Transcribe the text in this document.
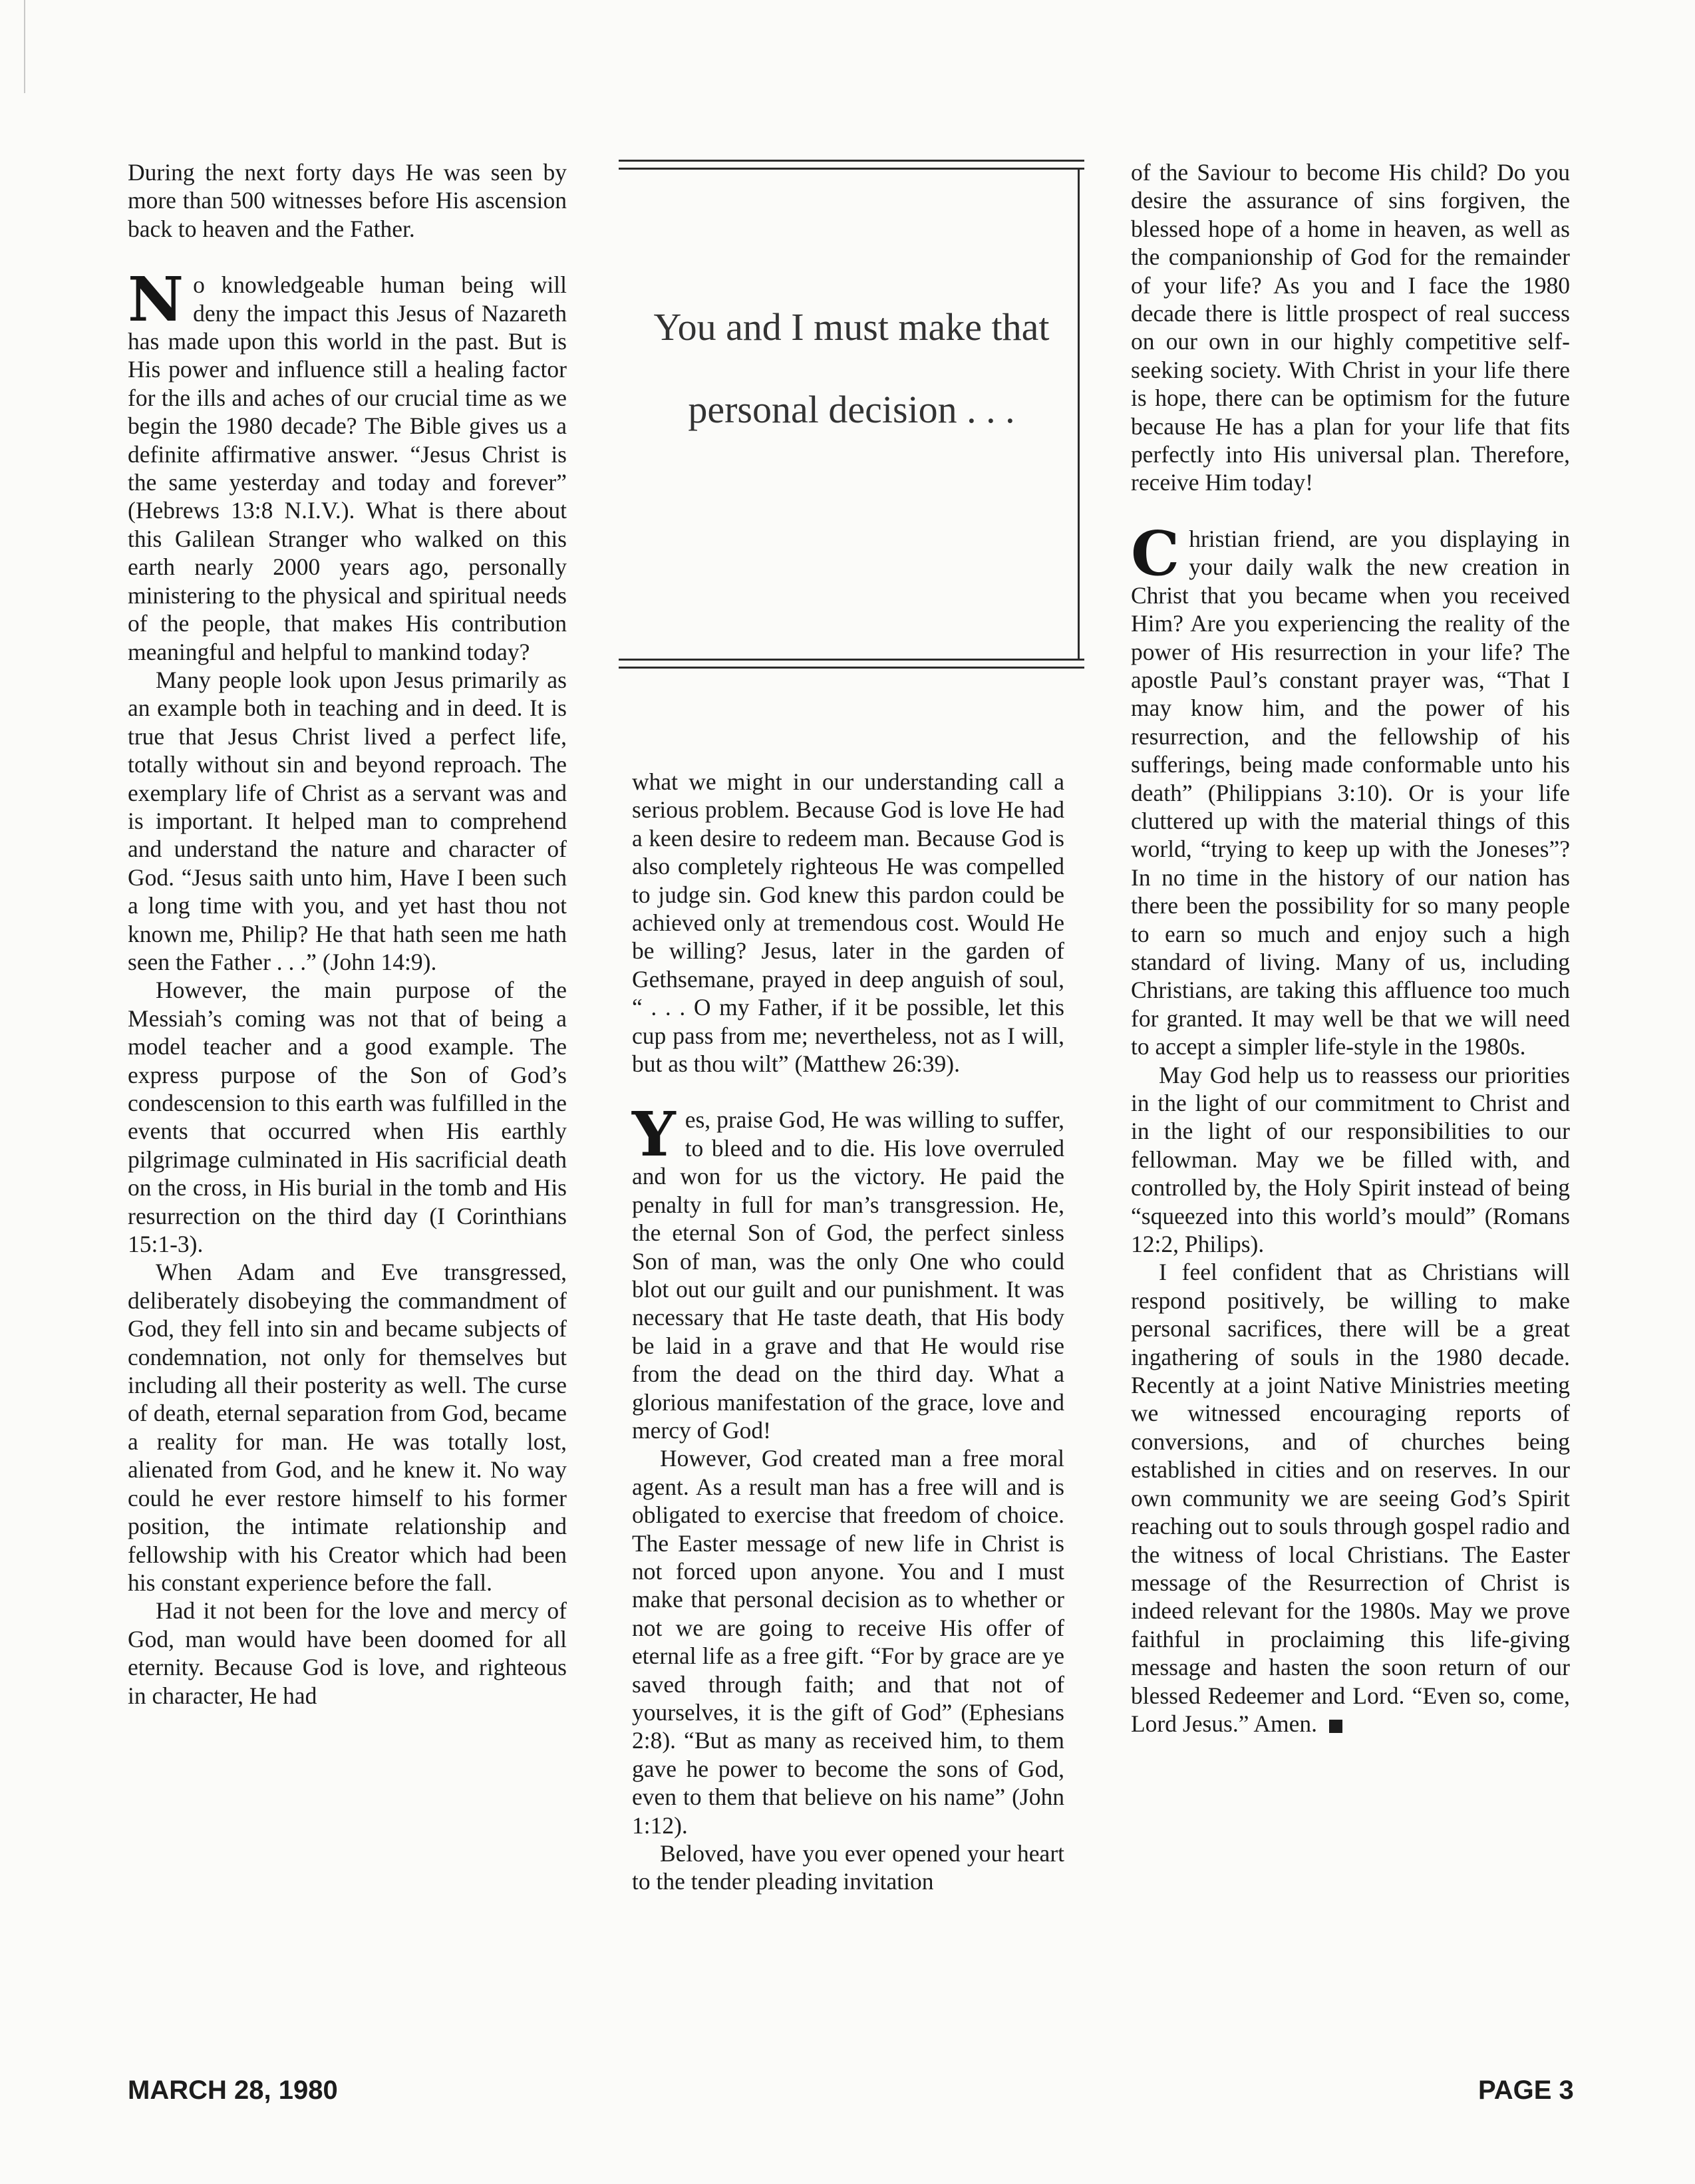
During the next forty days He was seen by more than 500 witnesses before His ascension back to heaven and the Father.

No knowledgeable human being will deny the impact this Jesus of Nazareth has made upon this world in the past. But is His power and influence still a healing factor for the ills and aches of our crucial time as we begin the 1980 decade? The Bible gives us a definite affirmative answer. “Jesus Christ is the same yesterday and today and forever” (Hebrews 13:8 N.I.V.). What is there about this Galilean Stranger who walked on this earth nearly 2000 years ago, personally ministering to the physical and spiritual needs of the people, that makes His contribution meaningful and helpful to mankind today?

Many people look upon Jesus primarily as an example both in teaching and in deed. It is true that Jesus Christ lived a perfect life, totally without sin and beyond reproach. The exemplary life of Christ as a servant was and is important. It helped man to comprehend and understand the nature and character of God. “Jesus saith unto him, Have I been such a long time with you, and yet hast thou not known me, Philip? He that hath seen me hath seen the Father . . .” (John 14:9).

However, the main purpose of the Messiah’s coming was not that of being a model teacher and a good example. The express purpose of the Son of God’s condescension to this earth was fulfilled in the events that occurred when His earthly pilgrimage culminated in His sacrificial death on the cross, in His burial in the tomb and His resurrection on the third day (I Corinthians 15:1-3).

When Adam and Eve transgressed, deliberately disobeying the commandment of God, they fell into sin and became subjects of condemnation, not only for themselves but including all their posterity as well. The curse of death, eternal separation from God, became a reality for man. He was totally lost, alienated from God, and he knew it. No way could he ever restore himself to his former position, the intimate relationship and fellowship with his Creator which had been his constant experience before the fall.

Had it not been for the love and mercy of God, man would have been doomed for all eternity. Because God is love, and righteous in character, He had

You and I must make that personal decision . . .

what we might in our understanding call a serious problem. Because God is love He had a keen desire to redeem man. Because God is also completely righteous He was compelled to judge sin. God knew this pardon could be achieved only at tremendous cost. Would He be willing? Jesus, later in the garden of Gethsemane, prayed in deep anguish of soul, “ . . . O my Father, if it be possible, let this cup pass from me; nevertheless, not as I will, but as thou wilt” (Matthew 26:39).

Yes, praise God, He was willing to suffer, to bleed and to die. His love overruled and won for us the victory. He paid the penalty in full for man’s transgression. He, the eternal Son of God, the perfect sinless Son of man, was the only One who could blot out our guilt and our punishment. It was necessary that He taste death, that His body be laid in a grave and that He would rise from the dead on the third day. What a glorious manifestation of the grace, love and mercy of God!

However, God created man a free moral agent. As a result man has a free will and is obligated to exercise that freedom of choice. The Easter message of new life in Christ is not forced upon anyone. You and I must make that personal decision as to whether or not we are going to receive His offer of eternal life as a free gift. “For by grace are ye saved through faith; and that not of yourselves, it is the gift of God” (Ephesians 2:8). “But as many as received him, to them gave he power to become the sons of God, even to them that believe on his name” (John 1:12).

Beloved, have you ever opened your heart to the tender pleading invitation

of the Saviour to become His child? Do you desire the assurance of sins forgiven, the blessed hope of a home in heaven, as well as the companionship of God for the remainder of your life? As you and I face the 1980 decade there is little prospect of real success on our own in our highly competitive self-seeking society. With Christ in your life there is hope, there can be optimism for the future because He has a plan for your life that fits perfectly into His universal plan. Therefore, receive Him today!

Christian friend, are you displaying in your daily walk the new creation in Christ that you became when you received Him? Are you experiencing the reality of the power of His resurrection in your life? The apostle Paul’s constant prayer was, “That I may know him, and the power of his resurrection, and the fellowship of his sufferings, being made conformable unto his death” (Philippians 3:10). Or is your life cluttered up with the material things of this world, “trying to keep up with the Joneses”? In no time in the history of our nation has there been the possibility for so many people to earn so much and enjoy such a high standard of living. Many of us, including Christians, are taking this affluence too much for granted. It may well be that we will need to accept a simpler life-style in the 1980s.

May God help us to reassess our priorities in the light of our commitment to Christ and in the light of our responsibilities to our fellowman. May we be filled with, and controlled by, the Holy Spirit instead of being “squeezed into this world’s mould” (Romans 12:2, Philips).

I feel confident that as Christians will respond positively, be willing to make personal sacrifices, there will be a great ingathering of souls in the 1980 decade. Recently at a joint Native Ministries meeting we witnessed encouraging reports of conversions, and of churches being established in cities and on reserves. In our own community we are seeing God’s Spirit reaching out to souls through gospel radio and the witness of local Christians. The Easter message of the Resurrection of Christ is indeed relevant for the 1980s. May we prove faithful in proclaiming this life-giving message and hasten the soon return of our blessed Redeemer and Lord. “Even so, come, Lord Jesus.” Amen.

MARCH 28, 1980	PAGE 3
